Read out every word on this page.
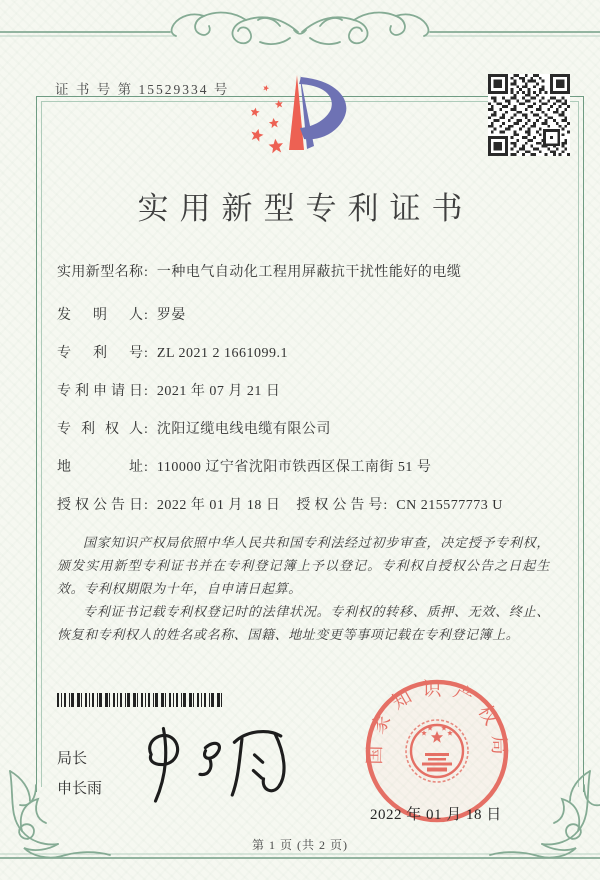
证 书 号 第 15529334 号
实用新型专利证书
实用新型名称: 一种电气自动化工程用屏蔽抗干扰性能好的电缆
发明人: 罗晏
专利号: ZL 2021 2 1661099.1
专利申请日: 2021 年 07 月 21 日
专利权人: 沈阳辽缆电线电缆有限公司
地址: 110000 辽宁省沈阳市铁西区保工南街 51 号
授权公告日: 2022 年 01 月 18 日 授权公告号: CN 215577773 U

国家知识产权局依照中华人民共和国专利法经过初步审查，决定授予专利权，颁发实用新型专利证书并在专利登记簿上予以登记。专利权自授权公告之日起生效。专利权期限为十年，自申请日起算。

专利证书记载专利权登记时的法律状况。专利权的转移、质押、无效、终止、恢复和专利权人的姓名或名称、国籍、地址变更等事项记载在专利登记簿上。

局长
申长雨
国家知识产权局
2022 年 01 月 18 日
第 1 页 (共 2 页)
